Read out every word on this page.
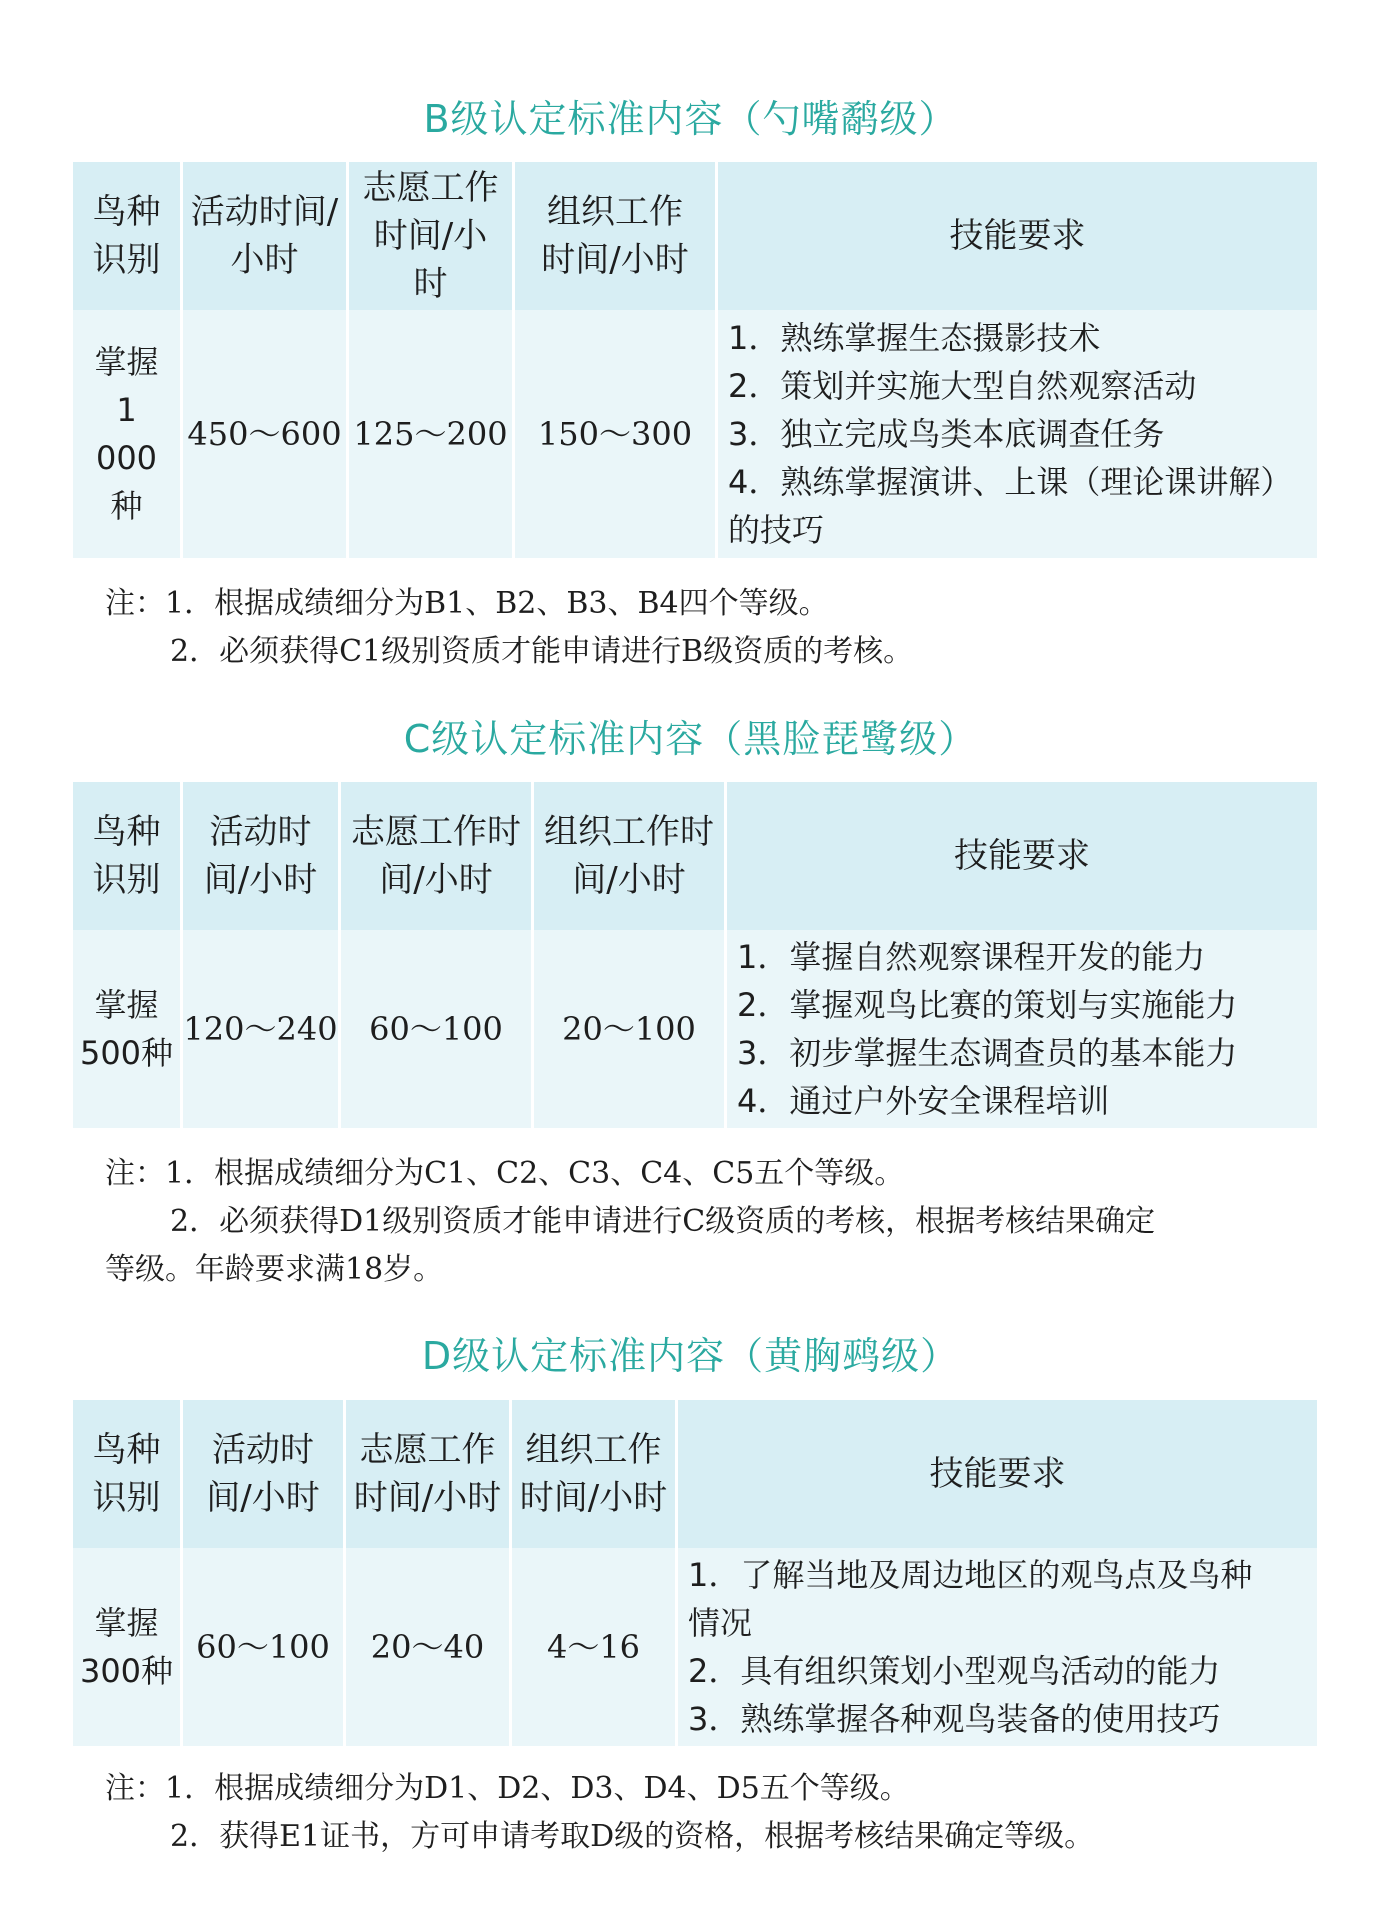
B级认定标准内容（勺嘴鹬级）
鸟种识别	活动时间/小时	志愿工作时间/小时	组织工作时间/小时	技能要求
掌握1 000种	450～600	125～200	150～300	1．熟练掌握生态摄影技术
2．策划并实施大型自然观察活动
3．独立完成鸟类本底调查任务
4．熟练掌握演讲、上课（理论课讲解）
的技巧
注：1．根据成绩细分为B1、B2、B3、B4四个等级。
2．必须获得C1级别资质才能申请进行B级资质的考核。
C级认定标准内容（黑脸琵鹭级）
鸟种识别	活动时间/小时	志愿工作时间/小时	组织工作时间/小时	技能要求
掌握500种	120～240	60～100	20～100	1．掌握自然观察课程开发的能力
2．掌握观鸟比赛的策划与实施能力
3．初步掌握生态调查员的基本能力
4．通过户外安全课程培训
注：1．根据成绩细分为C1、C2、C3、C4、C5五个等级。
2．必须获得D1级别资质才能申请进行C级资质的考核，根据考核结果确定
等级。年龄要求满18岁。
D级认定标准内容（黄胸鹀级）
鸟种识别	活动时间/小时	志愿工作时间/小时	组织工作时间/小时	技能要求
掌握300种	60～100	20～40	4～16	1．了解当地及周边地区的观鸟点及鸟种
情况
2．具有组织策划小型观鸟活动的能力
3．熟练掌握各种观鸟装备的使用技巧
注：1．根据成绩细分为D1、D2、D3、D4、D5五个等级。
2．获得E1证书，方可申请考取D级的资格，根据考核结果确定等级。
